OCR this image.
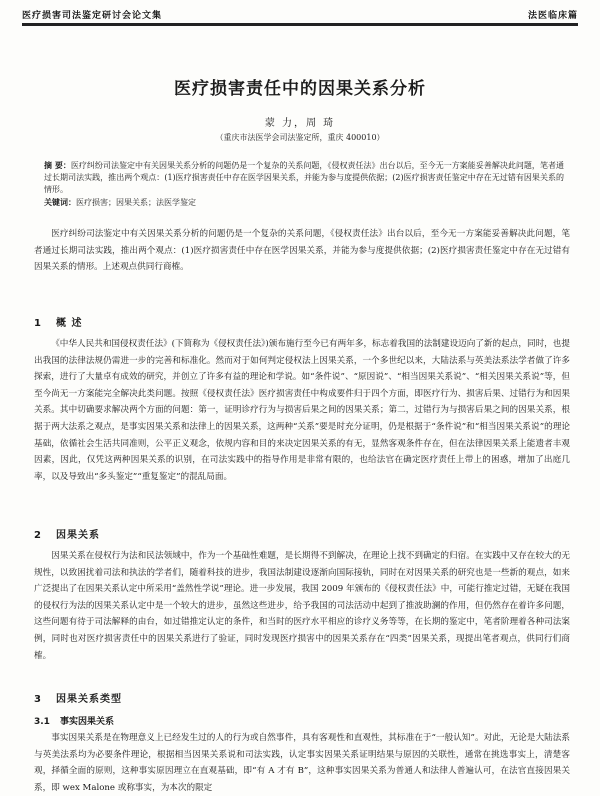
医疗损害司法鉴定研讨会论文集	法医临床篇
医疗损害责任中的因果关系分析
蒙 力，周 琦
（重庆市法医学会司法鉴定所，重庆 400010）

摘 要：医疗纠纷司法鉴定中有关因果关系分析的问题仍是一个复杂的关系问题，《侵权责任法》出台以后，至今无一方案能妥善解决此问题，笔者通过长期司法实践，推出两个观点：(1)医疗损害责任中存在医学因果关系，并能为参与度提供依据；(2)医疗损害责任鉴定中存在无过错有因果关系的情形。

关键词：医疗损害；因果关系；法医学鉴定

医疗纠纷司法鉴定中有关因果关系分析的问题仍是一个复杂的关系问题，《侵权责任法》出台以后，至今无一方案能妥善解决此问题，笔者通过长期司法实践，推出两个观点：(1)医疗损害责任中存在医学因果关系，并能为参与度提供依据；(2)医疗损害责任鉴定中存在无过错有因果关系的情形。上述观点供同行商榷。
1 概 述
《中华人民共和国侵权责任法》(下简称为《侵权责任法》)颁布施行至今已有两年多，标志着我国的法制建设迈向了新的起点，同时，也提出我国的法律法规仍需进一步的完善和标准化。然而对于如何判定侵权法上因果关系，一个多世纪以来，大陆法系与英美法系法学者做了许多探索，进行了大量卓有成效的研究，并创立了许多有益的理论和学说。如“条件说”、“原因说”、“相当因果关系说”、“相关因果关系说”等，但至今尚无一方案能完全解决此类问题。按照《侵权责任法》医疗损害责任中构成要件归于四个方面，即医疗行为、损害后果、过错行为和因果关系。其中切确要求解决两个方面的问题：第一，证明诊疗行为与损害后果之间的因果关系；第二，过错行为与损害后果之间的因果关系，根据于两大法系之观点，是事实因果关系和法律上的因果关系，这两种“关系”要是时充分证明，仍是根据于“条件说”和“相当因果关系说”的理论基础，依循社会生活共同准则，公平正义观念，依规内容和目的来决定因果关系的有无，显然客观条件存在，但在法律因果关系上能遗者丰观因素，因此，仅凭这两种因果关系的识别，在司法实践中的指导作用是非常有限的，也给法官在确定医疗责任上带上的困惑，增加了出庭几率，以及导致出“多头鉴定”“重复鉴定”的混乱局面。
2 因果关系
因果关系在侵权行为法和民法领域中，作为一个基础性难题，是长期得不到解决，在理论上找不到确定的归宿。在实践中又存在较大的无规性，以致困扰着司法和执法的学者们，随着科技的进步，我国法制建设逐渐向国际接轨，同时在对因果关系的研究也是一些新的观点，如来广泛提出了在因果关系认定中所采用“盖然性学说”理论。进一步发展，我国 2009 年颁布的《侵权责任法》中，可能行推定过错，无疑在我国的侵权行为法的因果关系认定中是一个较大的进步，虽然这些进步，给予我国的司法活动中起到了推波助澜的作用，但仍然存在着许多问题，这些问题有待于司法解释的由台，如过错推定认定的条件，和当时的医疗水平相应的诊疗义务等等，在长期的鉴定中，笔者阶理着各种司法案例，同时也对医疗损害责任中的因果关系进行了验证，同时发现医疗损害中的因果关系存在“四类”因果关系，现提出笔者观点，供同行们商榷。
3 因果关系类型
3.1 事实因果关系
事实因果关系是在物理意义上已经发生过的人的行为或自然事件，具有客观性和直观性，其标准在于“一般认知”。对此，无论是大陆法系与英美法系均为必要条件理论，根据相当因果关系说和司法实践，认定事实因果关系证明结果与原因的关联性，通常在挑选事实上，清楚客观，择循全面的原则，这种事实原因理立在直观基础，即“有 A 才有 B”，这种事实因果关系为普通人和法律人普遍认可，在法官直接因果关系，即 wex Malone 或称事实，为本次的限定
